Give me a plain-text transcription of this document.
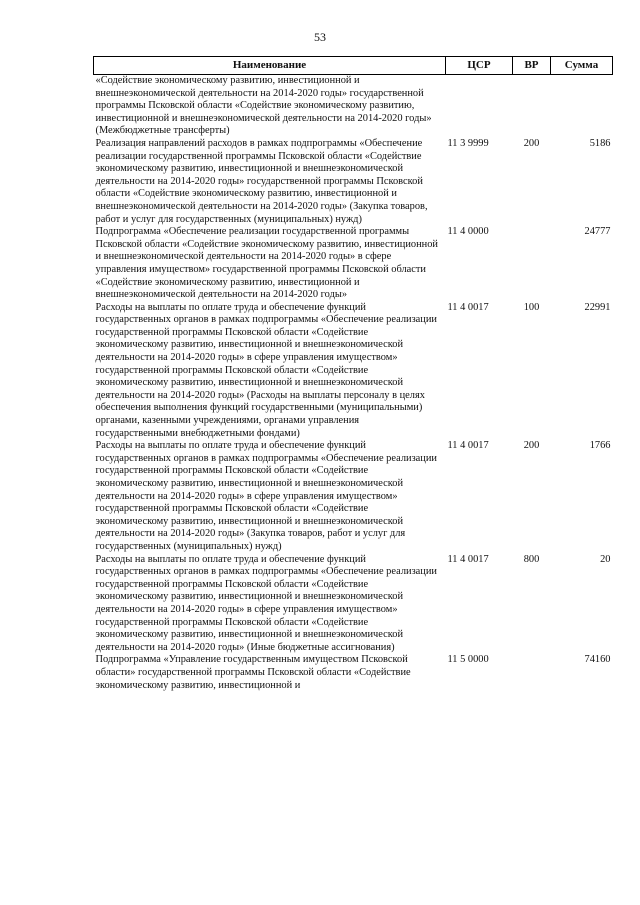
53
Наименование	ЦСР	ВР	Сумма
«Содействие экономическому развитию, инвестиционной и внешнеэкономической деятельности на 2014-2020 годы» государственной программы Псковской области «Содействие экономическому развитию, инвестиционной и внешнеэкономической деятельности на 2014-2020 годы» (Межбюджетные трансферты)			
Реализация направлений расходов в рамках подпрограммы «Обеспечение реализации государственной программы Псковской области «Содействие экономическому развитию, инвестиционной и внешнеэкономической деятельности на 2014-2020 годы» государственной программы Псковской области «Содействие экономическому развитию, инвестиционной и внешнеэкономической деятельности на 2014-2020 годы» (Закупка товаров, работ и услуг для государственных (муниципальных) нужд)	11 3 9999	200	5186
Подпрограмма «Обеспечение реализации государственной программы Псковской области «Содействие экономическому развитию, инвестиционной и внешнеэкономической деятельности на 2014-2020 годы» в сфере управления имуществом» государственной программы Псковской области «Содействие экономическому развитию, инвестиционной и внешнеэкономической деятельности на 2014-2020 годы»	11 4 0000		24777
Расходы на выплаты по оплате труда и обеспечение функций государственных органов в рамках подпрограммы «Обеспечение реализации государственной программы Псковской области «Содействие экономическому развитию, инвестиционной и внешнеэкономической деятельности на 2014-2020 годы» в сфере управления имуществом» государственной программы Псковской области «Содействие экономическому развитию, инвестиционной и внешнеэкономической деятельности на 2014-2020 годы» (Расходы на выплаты персоналу в целях обеспечения выполнения функций государственными (муниципальными) органами, казенными учреждениями, органами управления государственными внебюджетными фондами)	11 4 0017	100	22991
Расходы на выплаты по оплате труда и обеспечение функций государственных органов в рамках подпрограммы «Обеспечение реализации государственной программы Псковской области «Содействие экономическому развитию, инвестиционной и внешнеэкономической деятельности на 2014-2020 годы» в сфере управления имуществом» государственной программы Псковской области «Содействие экономическому развитию, инвестиционной и внешнеэкономической деятельности на 2014-2020 годы» (Закупка товаров, работ и услуг для государственных (муниципальных) нужд)	11 4 0017	200	1766
Расходы на выплаты по оплате труда и обеспечение функций государственных органов в рамках подпрограммы «Обеспечение реализации государственной программы Псковской области «Содействие экономическому развитию, инвестиционной и внешнеэкономической деятельности на 2014-2020 годы» в сфере управления имуществом» государственной программы Псковской области «Содействие экономическому развитию, инвестиционной и внешнеэкономической деятельности на 2014-2020 годы» (Иные бюджетные ассигнования)	11 4 0017	800	20
Подпрограмма «Управление государственным имуществом Псковской области» государственной программы Псковской области «Содействие экономическому развитию, инвестиционной и	11 5 0000		74160
